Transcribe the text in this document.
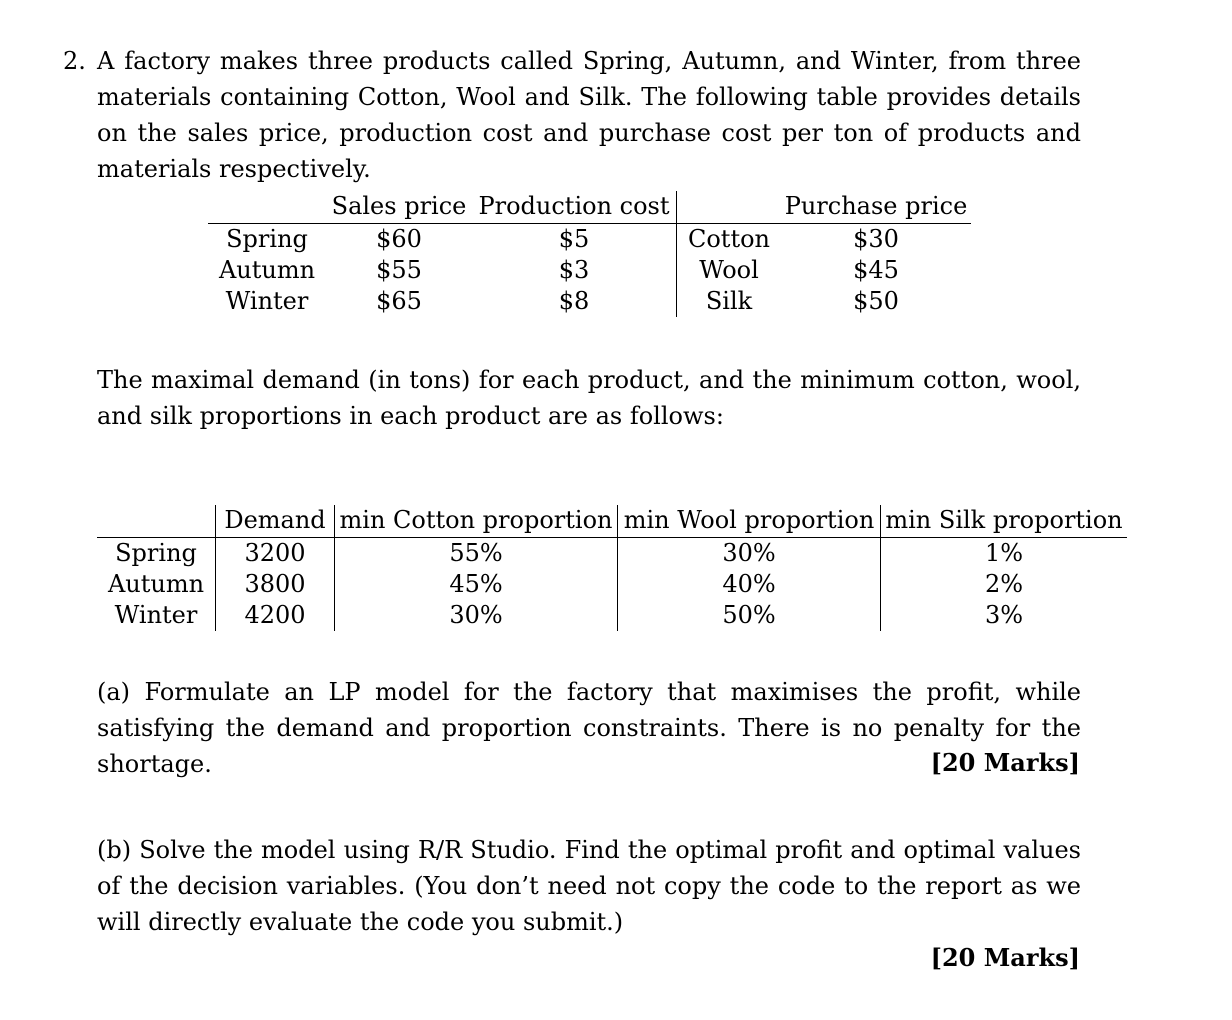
2. A factory makes three products called Spring, Autumn, and Winter, from three materials containing Cotton, Wool and Silk. The following table provides details on the sales price, production cost and purchase cost per ton of products and materials respectively.
	Sales price	Production cost		Purchase price
Spring	$60	$5	Cotton	$30
Autumn	$55	$3	Wool	$45
Winter	$65	$8	Silk	$50
The maximal demand (in tons) for each product, and the minimum cotton, wool, and silk proportions in each product are as follows:
	Demand	min Cotton proportion	min Wool proportion	min Silk proportion
Spring	3200	55%	30%	1%
Autumn	3800	45%	40%	2%
Winter	4200	30%	50%	3%
(a) Formulate an LP model for the factory that maximises the profit, while satisfying the demand and proportion constraints. There is no penalty for the shortage.	[20 Marks]
(b) Solve the model using R/R Studio. Find the optimal profit and optimal values of the decision variables. (You don’t need not copy the code to the report as we will directly evaluate the code you submit.)
[20 Marks]
